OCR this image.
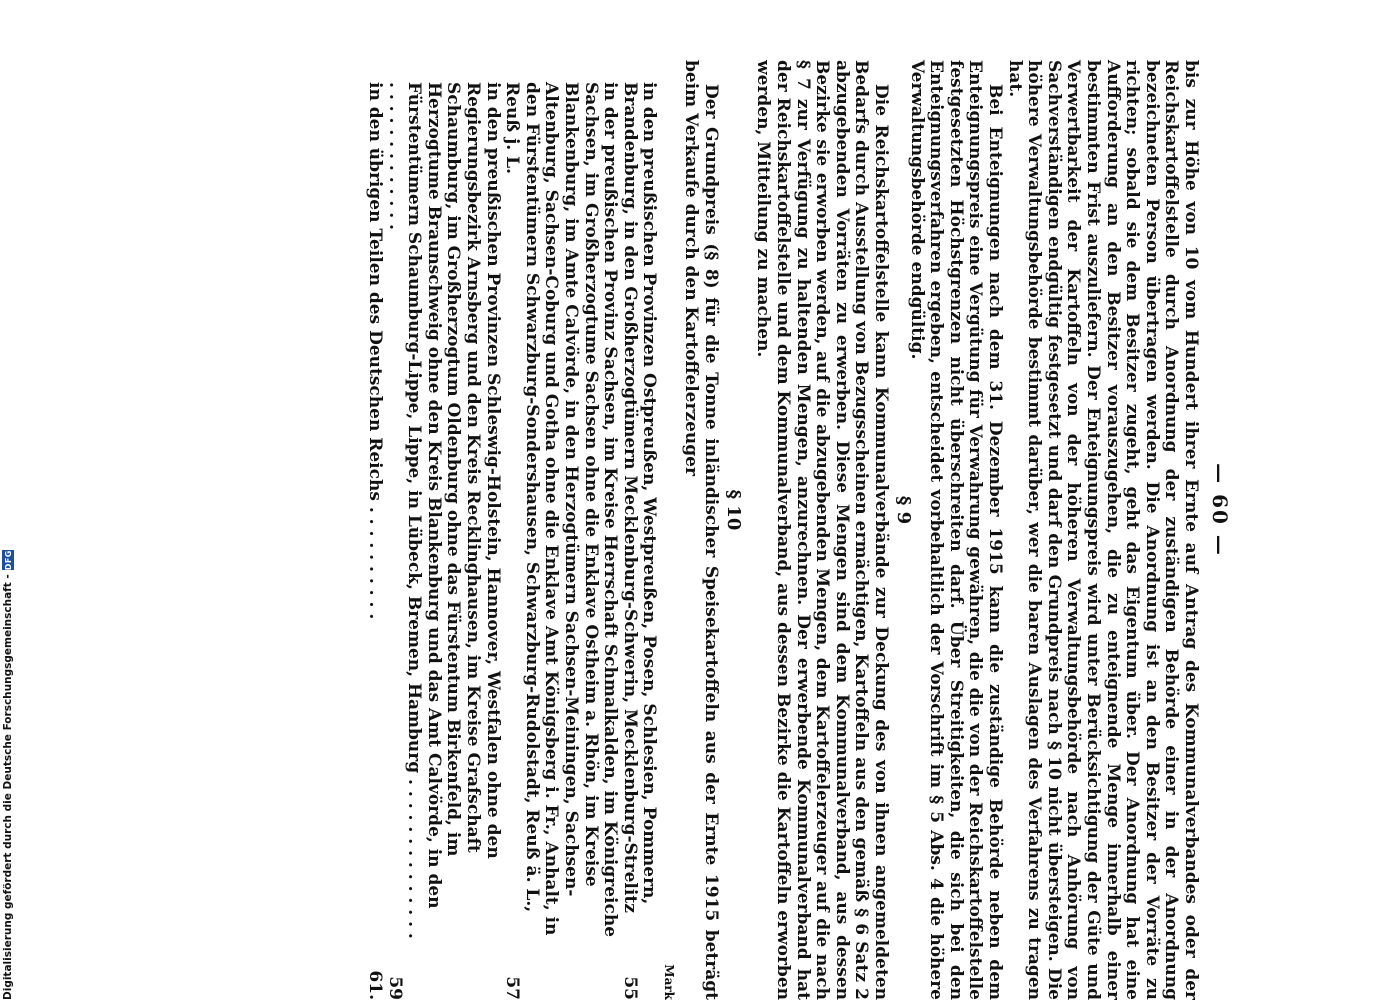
— 60 —

bis zur Höhe von 10 vom Hundert ihrer Ernte auf Antrag des Kommunalverbandes oder der Reichskartoffelstelle durch Anordnung der zuständigen Behörde einer in der Anordnung bezeichneten Person übertragen werden. Die Anordnung ist an den Besitzer der Vorräte zu richten; sobald sie dem Besitzer zugeht, geht das Eigentum über. Der Anordnung hat eine Aufforderung an den Besitzer vorauszugehen, die zu enteignende Menge innerhalb einer bestimmten Frist auszuliefern. Der Enteignungspreis wird unter Berücksichtigung der Güte und Verwertbarkeit der Kartoffeln von der höheren Verwaltungsbehörde nach Anhörung von Sachverständigen endgültig festgesetzt und darf den Grundpreis nach § 10 nicht übersteigen. Die höhere Verwaltungsbehörde bestimmt darüber, wer die baren Auslagen des Verfahrens zu tragen hat.

Bei Enteignungen nach dem 31. Dezember 1915 kann die zuständige Behörde neben dem Enteignungspreis eine Vergütung für Verwahrung gewähren, die die von der Reichskartoffelstelle festgesetzten Höchstgrenzen nicht überschreiten darf. Über Streitigkeiten, die sich bei den Enteignungsverfahren ergeben, entscheidet vorbehaltlich der Vorschrift im § 5 Abs. 4 die höhere Verwaltungsbehörde endgültig.

§ 9

Die Reichskartoffelstelle kann Kommunalverbände zur Deckung des von ihnen angemeldeten Bedarfs durch Ausstellung von Bezugsscheinen ermächtigen, Kartoffeln aus den gemäß § 6 Satz 2 abzugebenden Vorräten zu erwerben. Diese Mengen sind dem Kommunalverband, aus dessen Bezirke sie erworben werden, auf die abzugebenden Mengen, dem Kartoffelerzeuger auf die nach § 7 zur Verfügung zu haltenden Mengen, anzurechnen. Der erwerbende Kommunalverband hat der Reichskartoffelstelle und dem Kommunalverband, aus dessen Bezirke die Kartoffeln erworben werden, Mitteilung zu machen.

§ 10

Der Grundpreis (§ 8) für die Tonne inländischer Speisekartoffeln aus der Ernte 1915 beträgt beim Verkaufe durch den Kartoffelerzeuger

Mark
in den preußischen Provinzen Ostpreußen, Westpreußen, Posen, Schlesien, Pommern, Brandenburg, in den Großherzogtümern Mecklenburg-Schwerin, Mecklenburg-Strelitz
55
in der preußischen Provinz Sachsen, im Kreise Herrschaft Schmalkalden, im Königreiche Sachsen, im Großherzogtume Sachsen ohne die Enklave Ostheim a. Rhön, im Kreise Blankenburg, im Amte Calvörde, in den Herzogtümern Sachsen-Meiningen, Sachsen-Altenburg, Sachsen-Coburg und Gotha ohne die Enklave Amt Königsberg i. Fr., Anhalt, in den Fürstentümern Schwarzburg-Sondershausen, Schwarzburg-Rudolstadt, Reuß ä. L., Reuß j. L.
57
in den preußischen Provinzen Schleswig-Holstein, Hannover, Westfalen ohne den Regierungsbezirk Arnsberg und den Kreis Recklinghausen, im Kreise Grafschaft Schaumburg, im Großherzogtum Oldenburg ohne das Fürstentum Birkenfeld, im Herzogtume Braunschweig ohne den Kreis Blankenburg und das Amt Calvörde, in den Fürstentümern Schaumburg-Lippe, Lippe, in Lübeck, Bremen, Hamburg . . . . . . . . . . . . . . . . . . . . . . . . . . .
59
in den übrigen Teilen des Deutschen Reichs . . . . . . . . . .
61.
Digitalisierung gefördert durch die Deutsche Forschungsgemeinschaft -
DFG
